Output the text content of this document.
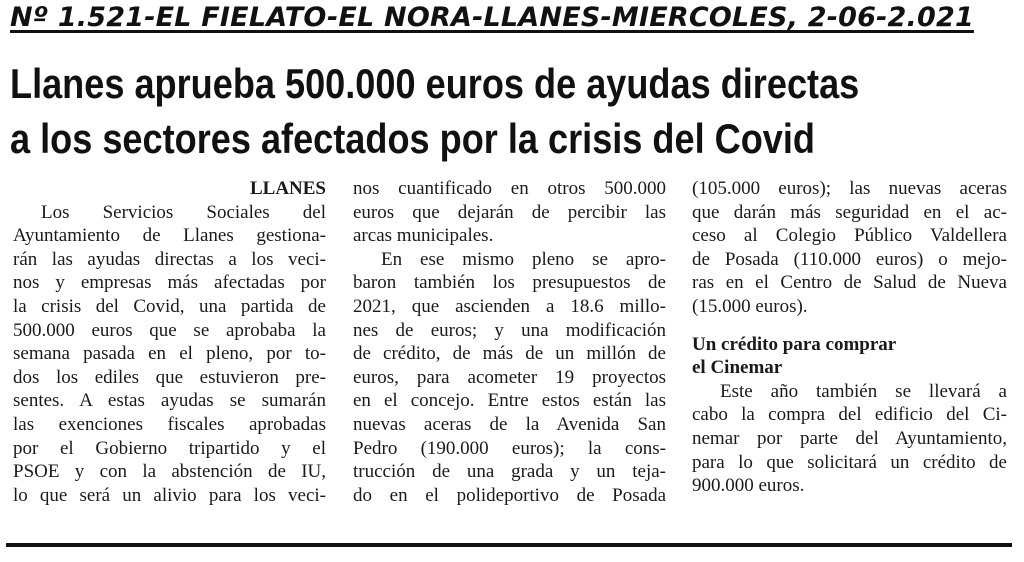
Nº 1.521-EL FIELATO-EL NORA-LLANES-MIERCOLES, 2-06-2.021
Llanes aprueba 500.000 euros de ayudas directas
a los sectores afectados por la crisis del Covid
LLANES
Los Servicios Sociales del
Ayuntamiento de Llanes gestiona-
rán las ayudas directas a los veci-
nos y empresas más afectadas por
la crisis del Covid, una partida de
500.000 euros que se aprobaba la
semana pasada en el pleno, por to-
dos los ediles que estuvieron pre-
sentes. A estas ayudas se sumarán
las exenciones fiscales aprobadas
por el Gobierno tripartido y el
PSOE y con la abstención de IU,
lo que será un alivio para los veci-
nos cuantificado en otros 500.000
euros que dejarán de percibir las
arcas municipales.
En ese mismo pleno se apro-
baron también los presupuestos de
2021, que ascienden a 18.6 millo-
nes de euros; y una modificación
de crédito, de más de un millón de
euros, para acometer 19 proyectos
en el concejo. Entre estos están las
nuevas aceras de la Avenida San
Pedro (190.000 euros); la cons-
trucción de una grada y un teja-
do en el polideportivo de Posada
(105.000 euros); las nuevas aceras
que darán más seguridad en el ac-
ceso al Colegio Público Valdellera
de Posada (110.000 euros) o mejo-
ras en el Centro de Salud de Nueva
(15.000 euros).
Un crédito para comprar
el Cinemar
Este año también se llevará a
cabo la compra del edificio del Ci-
nemar por parte del Ayuntamiento,
para lo que solicitará un crédito de
900.000 euros.
